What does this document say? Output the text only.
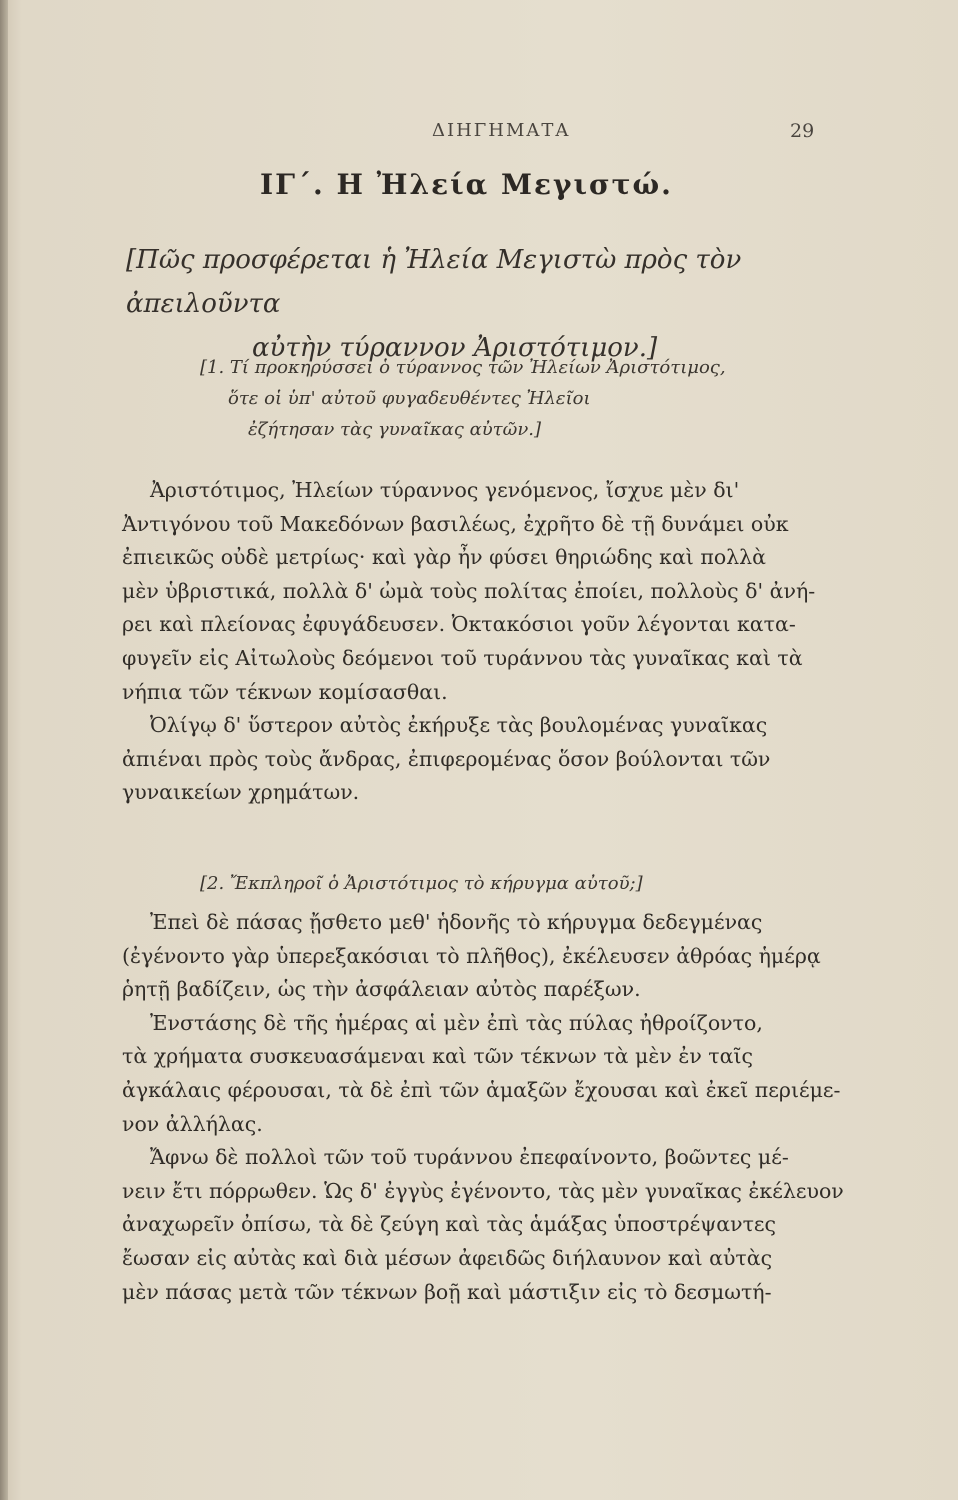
ΔΙΗΓΗΜΑΤΑ	29
ΙΓ΄. Η Ἠλεία Μεγιστώ.
[Πῶς προσφέρεται ἡ Ἠλεία Μεγιστὼ πρὸς τὸν ἀπειλοῦντα
αὐτὴν τύραννον Ἀριστότιμον.]
[1. Τί προκηρύσσει ὁ τύραννος τῶν Ἠλείων Ἀριστότιμος,
ὅτε οἱ ὑπ' αὐτοῦ φυγαδευθέντες Ἠλεῖοι
ἐζήτησαν τὰς γυναῖκας αὐτῶν.]
Ἀριστότιμος, Ἠλείων τύραννος γενόμενος, ἴσχυε μὲν δι'
Ἀντιγόνου τοῦ Μακεδόνων βασιλέως, ἐχρῆτο δὲ τῇ δυνάμει οὐκ
ἐπιεικῶς οὐδὲ μετρίως· καὶ γὰρ ἦν φύσει θηριώδης καὶ πολλὰ
μὲν ὑβριστικά, πολλὰ δ' ὠμὰ τοὺς πολίτας ἐποίει, πολλοὺς δ' ἀνή-
ρει καὶ πλείονας ἐφυγάδευσεν. Ὀκτακόσιοι γοῦν λέγονται κατα-
φυγεῖν εἰς Αἰτωλοὺς δεόμενοι τοῦ τυράννου τὰς γυναῖκας καὶ τὰ
νήπια τῶν τέκνων κομίσασθαι.
Ὀλίγῳ δ' ὕστερον αὐτὸς ἐκήρυξε τὰς βουλομένας γυναῖκας
ἀπιέναι πρὸς τοὺς ἄνδρας, ἐπιφερομένας ὅσον βούλονται τῶν
γυναικείων χρημάτων.
[2. Ἔκπληροῖ ὁ Ἀριστότιμος τὸ κήρυγμα αὐτοῦ;]
Ἐπεὶ δὲ πάσας ᾔσθετο μεθ' ἡδονῆς τὸ κήρυγμα δεδεγμένας
(ἐγένοντο γὰρ ὑπερεξακόσιαι τὸ πλῆθος), ἐκέλευσεν ἀθρόας ἡμέρᾳ
ῥητῇ βαδίζειν, ὡς τὴν ἀσφάλειαν αὐτὸς παρέξων.
Ἐνστάσης δὲ τῆς ἡμέρας αἱ μὲν ἐπὶ τὰς πύλας ἠθροίζοντο,
τὰ χρήματα συσκευασάμεναι καὶ τῶν τέκνων τὰ μὲν ἐν ταῖς
ἀγκάλαις φέρουσαι, τὰ δὲ ἐπὶ τῶν ἁμαξῶν ἔχουσαι καὶ ἐκεῖ περιέμε-
νον ἀλλήλας.
Ἄφνω δὲ πολλοὶ τῶν τοῦ τυράννου ἐπεφαίνοντο, βοῶντες μέ-
νειν ἔτι πόρρωθεν. Ὡς δ' ἐγγὺς ἐγένοντο, τὰς μὲν γυναῖκας ἐκέλευον
ἀναχωρεῖν ὀπίσω, τὰ δὲ ζεύγη καὶ τὰς ἁμάξας ὑποστρέψαντες
ἔωσαν εἰς αὐτὰς καὶ διὰ μέσων ἀφειδῶς διήλαυνον καὶ αὐτὰς
μὲν πάσας μετὰ τῶν τέκνων βοῇ καὶ μάστιξιν εἰς τὸ δεσμωτή-
